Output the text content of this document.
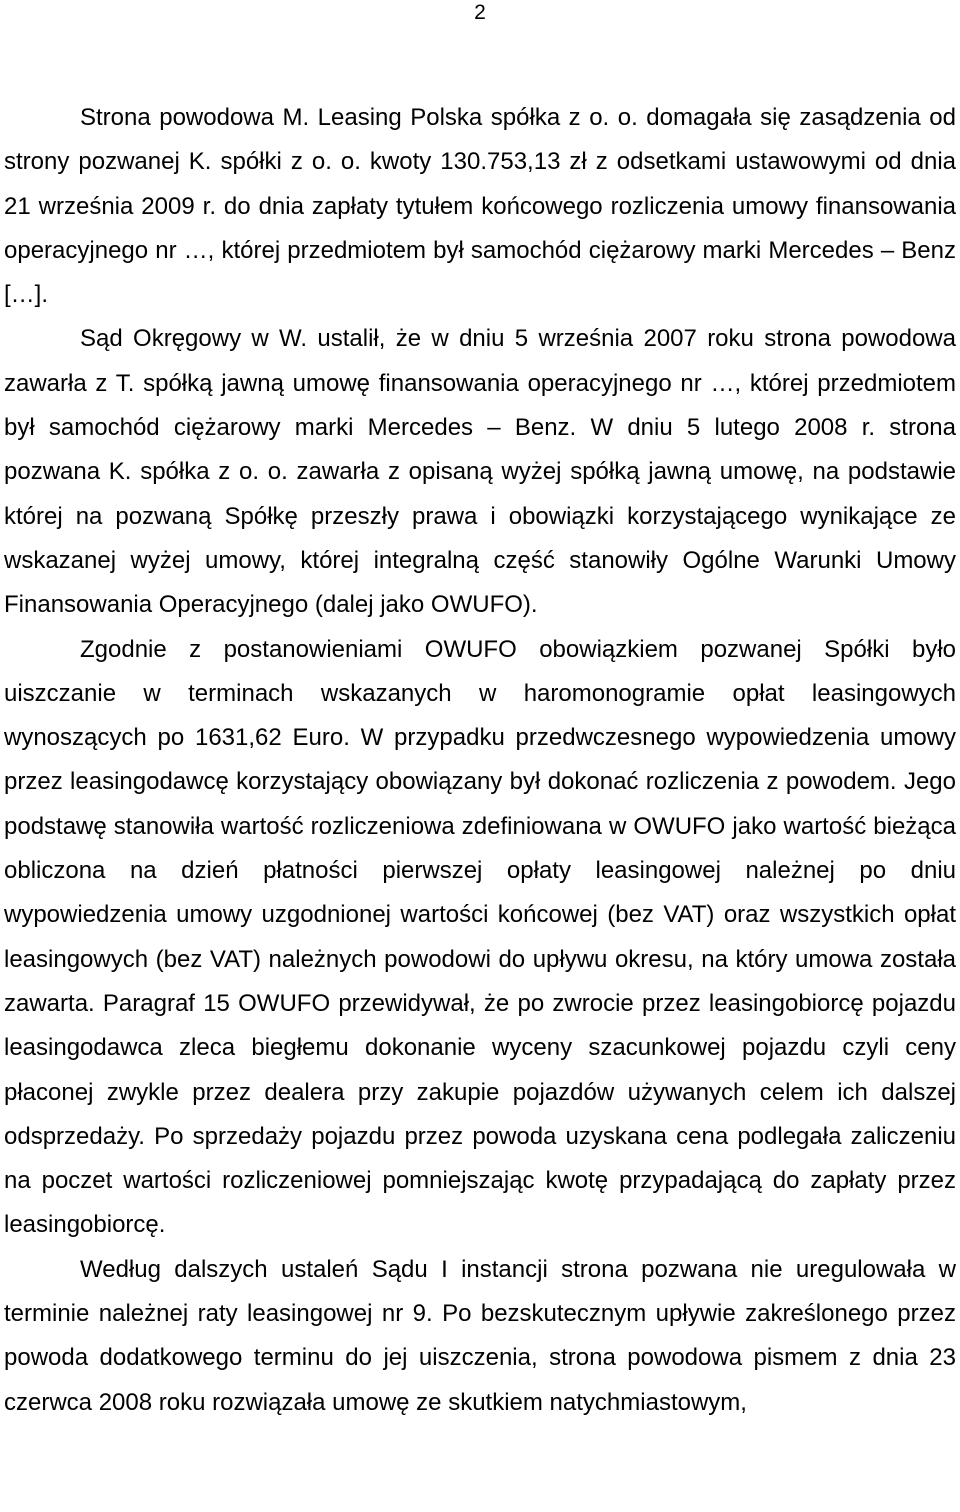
2

Strona powodowa M. Leasing Polska spółka z o. o. domagała się zasądzenia od strony pozwanej K. spółki z o. o. kwoty 130.753,13 zł z odsetkami ustawowymi od dnia 21 września 2009 r. do dnia zapłaty tytułem końcowego rozliczenia umowy finansowania operacyjnego nr …, której przedmiotem był samochód ciężarowy marki Mercedes – Benz […].

Sąd Okręgowy w W. ustalił, że w dniu 5 września 2007 roku strona powodowa zawarła z T. spółką jawną umowę finansowania operacyjnego nr …, której przedmiotem był samochód ciężarowy marki Mercedes – Benz. W dniu 5 lutego 2008 r. strona pozwana K. spółka z o. o. zawarła z opisaną wyżej spółką jawną umowę, na podstawie której na pozwaną Spółkę przeszły prawa i obowiązki korzystającego wynikające ze wskazanej wyżej umowy, której integralną część stanowiły Ogólne Warunki Umowy Finansowania Operacyjnego (dalej jako OWUFO).

Zgodnie z postanowieniami OWUFO obowiązkiem pozwanej Spółki było uiszczanie w terminach wskazanych w haromonogramie opłat leasingowych wynoszących po 1631,62 Euro. W przypadku przedwczesnego wypowiedzenia umowy przez leasingodawcę korzystający obowiązany był dokonać rozliczenia z powodem. Jego podstawę stanowiła wartość rozliczeniowa zdefiniowana w OWUFO jako wartość bieżąca obliczona na dzień płatności pierwszej opłaty leasingowej należnej po dniu wypowiedzenia umowy uzgodnionej wartości końcowej (bez VAT) oraz wszystkich opłat leasingowych (bez VAT) należnych powodowi do upływu okresu, na który umowa została zawarta. Paragraf 15 OWUFO przewidywał, że po zwrocie przez leasingobiorcę pojazdu leasingodawca zleca biegłemu dokonanie wyceny szacunkowej pojazdu czyli ceny płaconej zwykle przez dealera przy zakupie pojazdów używanych celem ich dalszej odsprzedaży. Po sprzedaży pojazdu przez powoda uzyskana cena podlegała zaliczeniu na poczet wartości rozliczeniowej pomniejszając kwotę przypadającą do zapłaty przez leasingobiorcę.

Według dalszych ustaleń Sądu I instancji strona pozwana nie uregulowała w terminie należnej raty leasingowej nr 9. Po bezskutecznym upływie zakreślonego przez powoda dodatkowego terminu do jej uiszczenia, strona powodowa pismem z dnia 23 czerwca 2008 roku rozwiązała umowę ze skutkiem natychmiastowym,
